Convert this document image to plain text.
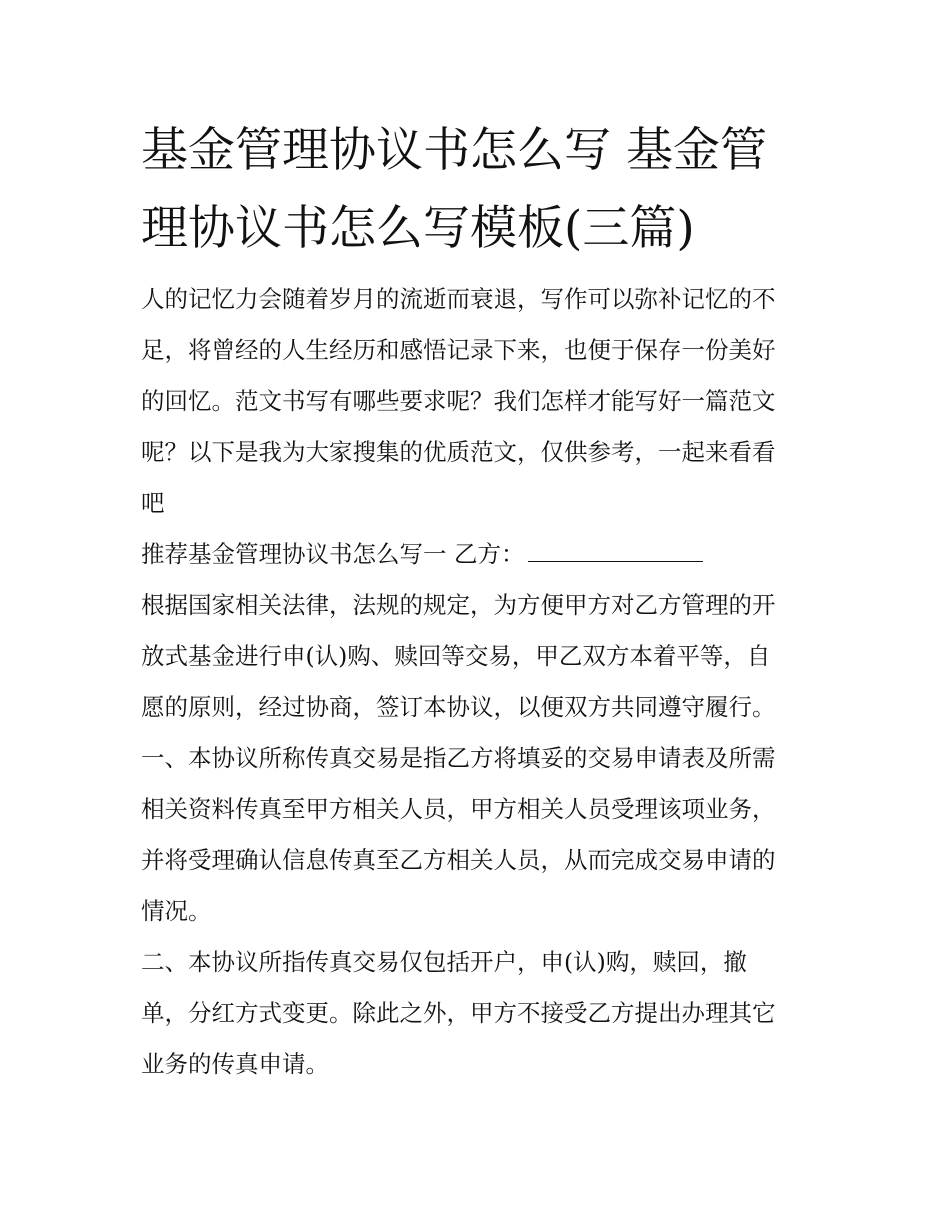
基金管理协议书怎么写 基金管
理协议书怎么写模板(三篇)

人的记忆力会随着岁月的流逝而衰退，写作可以弥补记忆的不
足，将曾经的人生经历和感悟记录下来，也便于保存一份美好
的回忆。范文书写有哪些要求呢？我们怎样才能写好一篇范文
呢？以下是我为大家搜集的优质范文，仅供参考，一起来看看
吧

推荐基金管理协议书怎么写一 乙方：

根据国家相关法律，法规的规定，为方便甲方对乙方管理的开
放式基金进行申(认)购、赎回等交易，甲乙双方本着平等，自
愿的原则，经过协商，签订本协议，以便双方共同遵守履行。

一、本协议所称传真交易是指乙方将填妥的交易申请表及所需
相关资料传真至甲方相关人员，甲方相关人员受理该项业务，
并将受理确认信息传真至乙方相关人员，从而完成交易申请的
情况。

二、本协议所指传真交易仅包括开户，申(认)购，赎回，撤
单，分红方式变更。除此之外，甲方不接受乙方提出办理其它
业务的传真申请。
